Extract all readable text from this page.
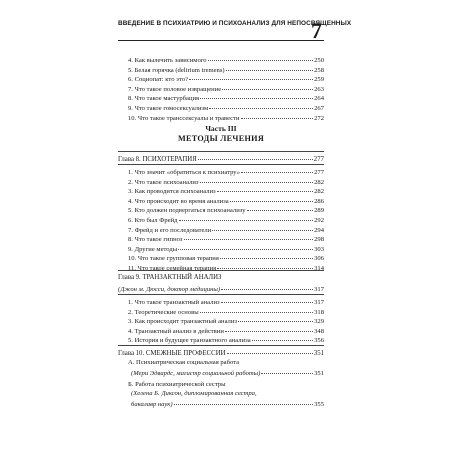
ВВЕДЕНИЕ В ПСИХИАТРИЮ И ПСИХОАНАЛИЗ ДЛЯ НЕПОСВЯЩЕННЫХ
7
4. Как вылечить зависимого	250
5. Белая горячка (delirium tremens)	258
6. Социопат: кто это?	259
7. Что такое половое извращение	263
8. Что такое мастурбация	264
9. Что такое гомосексуализм	267
10. Что такое транссексуалы и травести	272
Часть III
МЕТОДЫ ЛЕЧЕНИЯ
Глава 8. ПСИХОТЕРАПИЯ	277
1. Что значит «обратиться к психиатру»	277
2. Что такое психоанализ	282
3. Как проводится психоанализ	282
4. Что происходит во время анализа	286
5. Кто должен подвергаться психоанализу	289
6. Кто был Фрейд	292
7. Фрейд и его последователи	294
8. Что такое гипноз	298
9. Другие методы	303
10. Что такое групповая терапия	306
11. Что такое семейная терапия	314
Глава 9. ТРАНЗАКТНЫЙ АНАЛИЗ
(Джон м. Дюсси, доктор медицины)	317
1. Что такое транзактный анализ	317
2. Теоретические основы	318
3. Как происходит транзактный анализ	329
4. Транзактный анализ в действии	348
5. История и будущее транзактного анализа	356
Глава 10. СМЕЖНЫЕ ПРОФЕССИИ	351
А. Психиатрическая социальная работа
(Мери Эдвардс, магистр социальной работы)	351
Б. Работа психиатрической сестры
(Хелена Б. Диксон, дипломированная сестра,
бакалавр наук)	355
